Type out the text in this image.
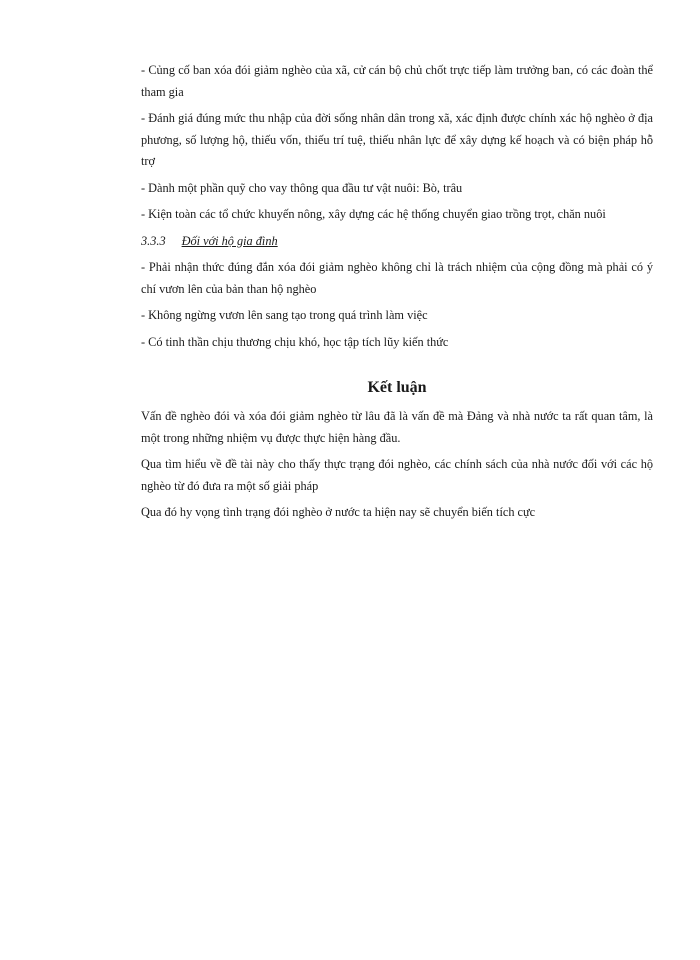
- Củng cố ban xóa đói giảm nghèo của xã, cử cán bộ chủ chốt trực tiếp làm trưởng ban, có các đoàn thể tham gia

- Đánh giá đúng mức thu nhập của đời sống nhân dân trong xã, xác định được chính xác hộ nghèo ở địa phương, số lượng hộ, thiếu vốn, thiếu trí tuệ, thiếu nhân lực để xây dựng kế hoạch và có biện pháp hỗ trợ

- Dành một phần quỹ cho vay thông qua đầu tư vật nuôi: Bò, trâu

- Kiện toàn các tổ chức khuyến nông, xây dựng các hệ thống chuyển giao trồng trọt, chăn nuôi

3.3.3 Đối với hộ gia đình

- Phải nhận thức đúng đắn xóa đói giảm nghèo không chỉ là trách nhiệm của cộng đồng mà phải có ý chí vươn lên của bản than hộ nghèo

- Không ngừng vươn lên sang tạo trong quá trình làm việc

- Có tinh thần chịu thương chịu khó, học tập tích lũy kiến thức

Kết luận

Vấn đề nghèo đói và xóa đói giảm nghèo từ lâu đã là vấn đề mà Đảng và nhà nước ta rất quan tâm, là một trong những nhiệm vụ được thực hiện hàng đầu.

Qua tìm hiểu về đề tài này cho thấy thực trạng đói nghèo, các chính sách của nhà nước đối với các hộ nghèo từ đó đưa ra một số giải pháp

Qua đó hy vọng tình trạng đói nghèo ở nước ta hiện nay sẽ chuyển biến tích cực
